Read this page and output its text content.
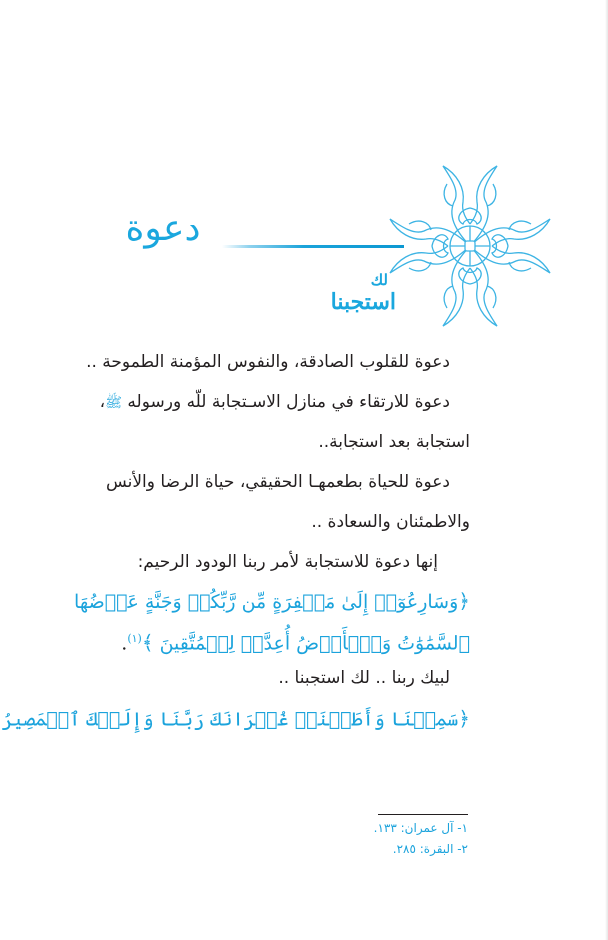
دعوة
لك
استجبنا
دعوة للقلوب الصادقة، والنفوس المؤمنة الطموحة ..
دعوة للارتقاء في منازل الاسـتجابة للّه ورسوله ﷺ،
استجابة بعد استجابة..
دعوة للحياة بطعمهـا الحقيقي، حياة الرضا والأنس
والاطمئنان والسعادة ..
إنها دعوة للاستجابة لأمر ربنا الودود الرحيم:
﴿وَسَارِعُوٓا۟ إِلَىٰ مَغۡفِرَةٍ مِّن رَّبِّكُمۡ وَجَنَّةٍ عَرۡضُهَا
ٱلسَّمَٰوَٰتُ وَٱلۡأَرۡضُ أُعِدَّتۡ لِلۡمُتَّقِينَ ﴾$^{(١)}$.
لبيك ربنا .. لك استجبنا ..
﴿سَمِعۡنَا وَأَطَعۡنَاۖ غُفۡرَانَكَ رَبَّنَا وَإِلَيۡكَ ٱلۡمَصِيرُ
١- آل عمران: ١٣٣.
٢- البقرة: ٢٨٥.
